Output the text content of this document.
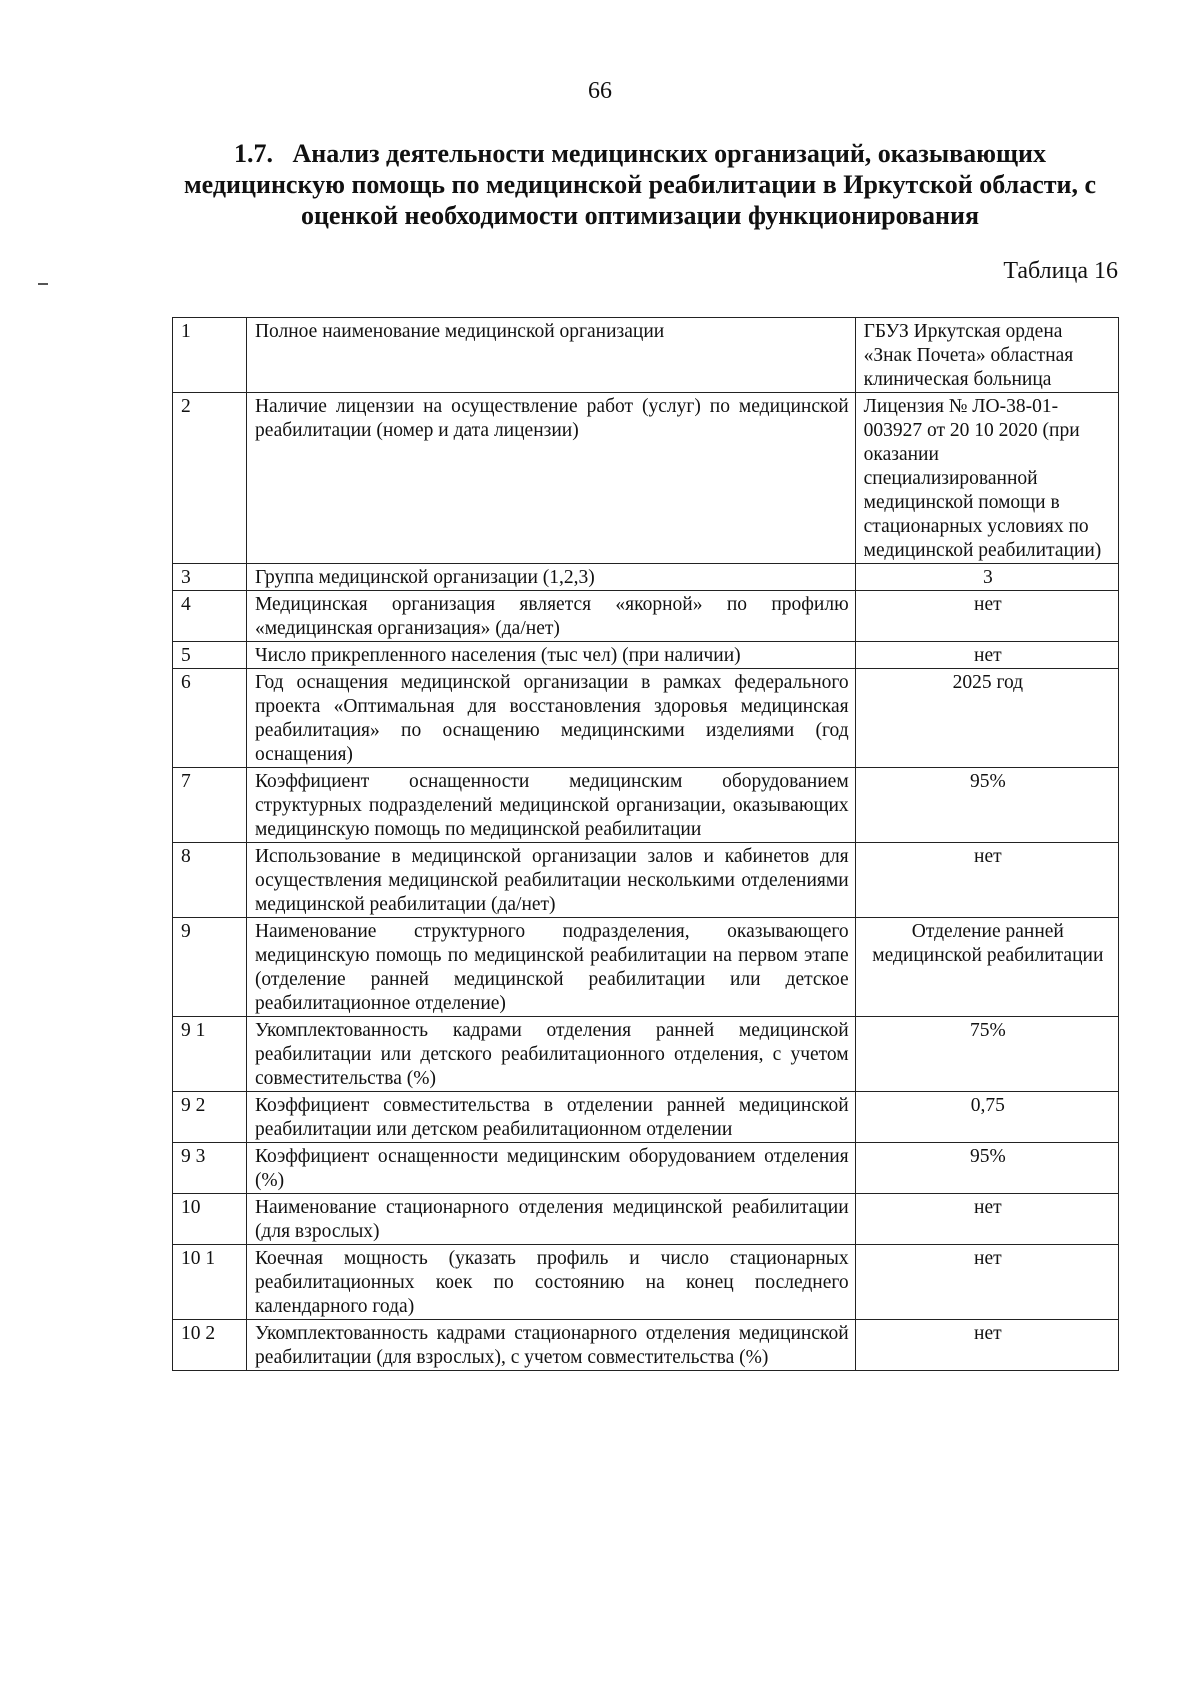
66
1.7.   Анализ деятельности медицинских организаций, оказывающих медицинскую помощь по медицинской реабилитации в Иркутской области, с оценкой необходимости оптимизации функционирования
Таблица 16
1	Полное наименование медицинской организации	ГБУЗ Иркутская ордена «Знак Почета» областная клиническая больница
2	Наличие лицензии на осуществление работ (услуг) по медицинской реабилитации (номер и дата лицензии)	Лицензия № ЛО-38-01-003927 от 20 10 2020 (при оказании специализированной медицинской помощи в стационарных условиях по медицинской реабилитации)
3	Группа медицинской организации (1,2,3)	3
4	Медицинская организация является «якорной» по профилю «медицинская организация» (да/нет)	нет
5	Число прикрепленного населения (тыс чел) (при наличии)	нет
6	Год оснащения медицинской организации в рамках федерального проекта «Оптимальная для восстановления здоровья медицинская реабилитация» по оснащению медицинскими изделиями (год оснащения)	2025 год
7	Коэффициент оснащенности медицинским оборудованием структурных подразделений медицинской организации, оказывающих медицинскую помощь по медицинской реабилитации	95%
8	Использование в медицинской организации залов и кабинетов для осуществления медицинской реабилитации несколькими отделениями медицинской реабилитации (да/нет)	нет
9	Наименование структурного подразделения, оказывающего медицинскую помощь по медицинской реабилитации на первом этапе (отделение ранней медицинской реабилитации или детское реабилитационное отделение)	Отделение ранней медицинской реабилитации
9 1	Укомплектованность кадрами отделения ранней медицинской реабилитации или детского реабилитационного отделения, с учетом совместительства (%)	75%
9 2	Коэффициент совместительства в отделении ранней медицинской реабилитации или детском реабилитационном отделении	0,75
9 3	Коэффициент оснащенности медицинским оборудованием отделения (%)	95%
10	Наименование стационарного отделения медицинской реабилитации (для взрослых)	нет
10 1	Коечная мощность (указать профиль и число стационарных реабилитационных коек по состоянию на конец последнего календарного года)	нет
10 2	Укомплектованность кадрами стационарного отделения медицинской реабилитации (для взрослых), с учетом совместительства (%)	нет
